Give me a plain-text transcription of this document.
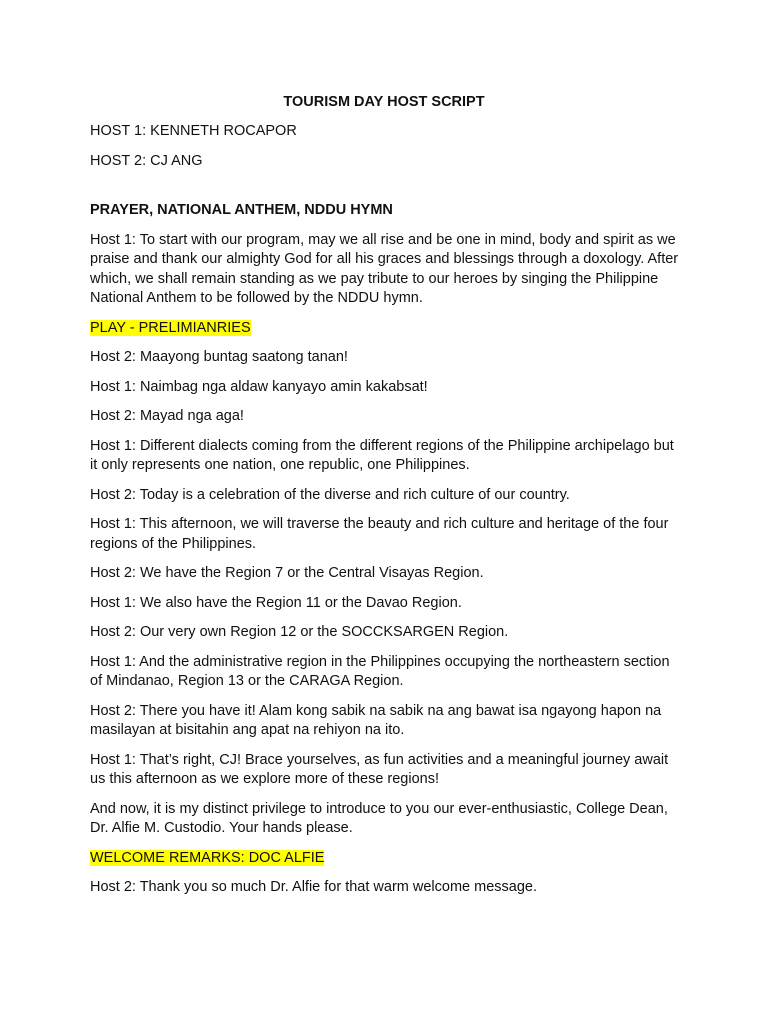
TOURISM DAY HOST SCRIPT
HOST 1: KENNETH ROCAPOR
HOST 2: CJ ANG
PRAYER, NATIONAL ANTHEM, NDDU HYMN
Host 1: To start with our program, may we all rise and be one in mind, body and spirit as we praise and thank our almighty God for all his graces and blessings through a doxology. After which, we shall remain standing as we pay tribute to our heroes by singing the Philippine National Anthem to be followed by the NDDU hymn.
PLAY - PRELIMIANRIES
Host 2: Maayong buntag saatong tanan!
Host 1: Naimbag nga aldaw kanyayo amin kakabsat!
Host 2: Mayad nga aga!
Host 1: Different dialects coming from the different regions of the Philippine archipelago but it only represents one nation, one republic, one Philippines.
Host 2: Today is a celebration of the diverse and rich culture of our country.
Host 1: This afternoon, we will traverse the beauty and rich culture and heritage of the four regions of the Philippines.
Host 2: We have the Region 7 or the Central Visayas Region.
Host 1: We also have the Region 11 or the Davao Region.
Host 2: Our very own Region 12 or the SOCCKSARGEN Region.
Host 1: And the administrative region in the Philippines occupying the northeastern section of Mindanao, Region 13 or the CARAGA Region.
Host 2: There you have it! Alam kong sabik na sabik na ang bawat isa ngayong hapon na masilayan at bisitahin ang apat na rehiyon na ito.
Host 1: That’s right, CJ! Brace yourselves, as fun activities and a meaningful journey await us this afternoon as we explore more of these regions!
And now, it is my distinct privilege to introduce to you our ever-enthusiastic, College Dean, Dr. Alfie M. Custodio. Your hands please.
WELCOME REMARKS: DOC ALFIE
Host 2: Thank you so much Dr. Alfie for that warm welcome message.
